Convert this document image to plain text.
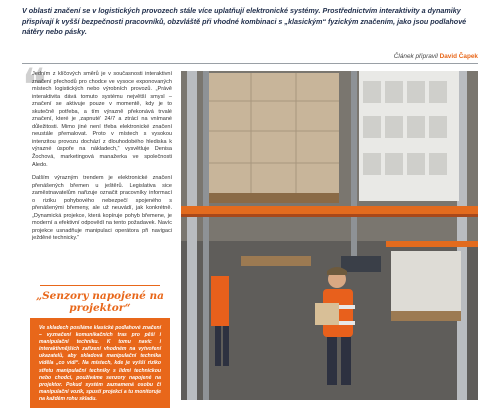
V oblasti značení se v logistických provozech stále více uplatňují elektronické systémy. Prostřednictvím interaktivity a dynamiky přispívají k vyšší bezpečnosti pracovníků, obzvláště při vhodné kombinaci s „klasickým“ fyzickým značením, jako jsou podlahové nátěry nebo pásky.
Článek připravil David Čapek
❝

Jedním z klíčových směrů je v současnosti interaktivní značení přechodů pro chodce ve vysoce exponovaných místech logistických nebo výrobních provozů. „Právě interaktivita dává tomuto systému největší smysl – značení se aktivuje pouze v momentě, kdy je to skutečně potřeba, a tím výrazně překonává trvalé značení, které je ‚zapnuté‘ 24/7 a ztrácí na vnímané důležitosti. Mimo jiné není třeba elektronické značení neustále přemalovat. Proto v místech s vysokou intenzitou provozu dochází z dlouhodobého hlediska k výrazné úspoře na nákladech,“ vysvětluje Denisa Žochová, marketingová manažerka ve společnosti Aledo.

Dalším výrazným trendem je elektronické značení přenášených břemen u ještěrů. Legislativa sice zaměstnavatelům nařizuje označit pracovníky informací o riziku pohybového nebezpečí spojeného s přenášenými břemeny, ale už neuvádí, jak konkrétně. „Dynamická projekce, která kopíruje pohyb břemene, je moderní a efektivní odpovědí na tento požadavek. Navíc projekce usnadňuje manipulaci operátora při navigaci ježděné technicky.“

„Senzory napojené na projektor“
Ve skladech posíláme klasické podlahové značení – vyznačení komunikačních tras pro pěší i manipulační techniku. K tomu navíc i interaktivnějších zařízení vhodném na vytvoření ukazatelů, aby skladová manipulační technika viděla „co vidí“. Na místech, kde je vyšší riziko střetu manipulační techniky s lidmi technickou nebo chodci, používáme senzory napojené na projektor. Pokud systém zaznamená osobu či manipulační vozík, spustí projekci a tu monitoruje na každém rohu skladu.
